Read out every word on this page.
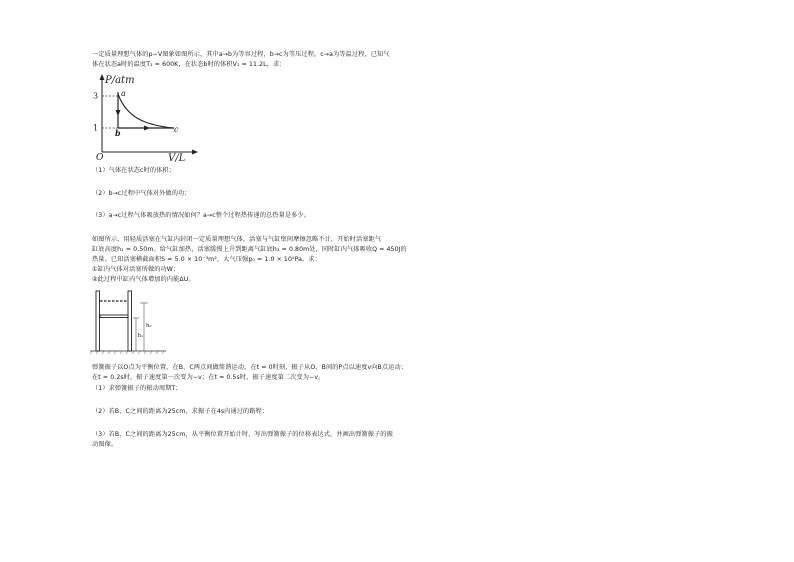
一定质量理想气体的p−V图象如图所示，其中a→b为等容过程，b→c为等压过程，c→a为等温过程，已知气
体在状态a时的温度T₁ = 600K，在状态b时的体积V₁ = 11.2L，求：
3
1
a
b	c
P/atm
V/L
O
（1）气体在状态c时的体积；
（2）b→c过程中气体对外做的功；
（3）a→c过程气体吸放热的情况如何？a→c整个过程热传递的总热量是多少。
如图所示，用轻质活塞在气缸内封闭一定质量理想气体，活塞与气缸壁间摩擦忽略不计，开始时活塞距气
缸底高度h₁ = 0.50m。给气缸加热，活塞缓慢上升到距离气缸底h₂ = 0.80m处，同时缸内气体吸收Q = 450J的
热量。已知活塞横截面积S = 5.0 × 10⁻³m²，大气压强p₀ = 1.0 × 10⁵Pa。求：
①缸内气体对活塞所做的功W；
②此过程中缸内气体增加的内能ΔU。
h₂
h₁
弹簧振子以O点为平衡位置，在B、C两点间做简谐运动，在t = 0时刻，振子从O、B间的P点以速度v向B点运动；
在t = 0.2s时，振子速度第一次变为−v；在t = 0.5s时，振子速度第二次变为−v。
（1）求弹簧振子的振动周期T；
（2）若B、C之间的距离为25cm，求振子在4s内通过的路程；
（3）若B、C之间的距离为25cm，从平衡位置开始计时，写出弹簧振子的位移表达式，并画出弹簧振子的振
动图像。
